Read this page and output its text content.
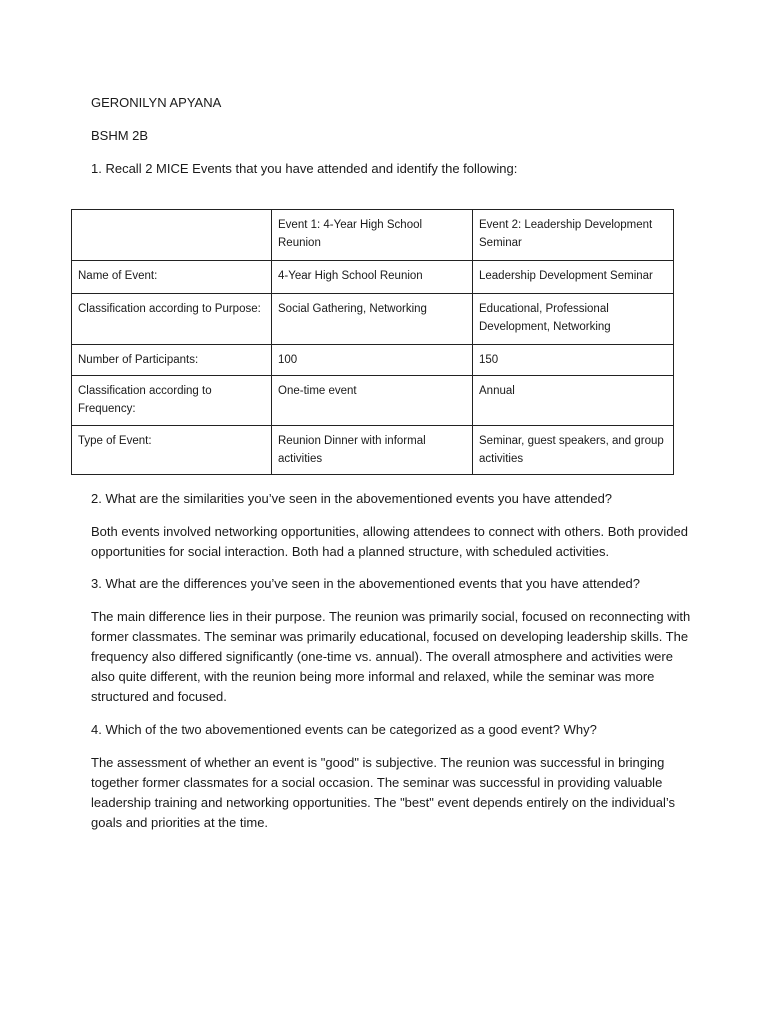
GERONILYN APYANA
BSHM 2B
1. Recall 2 MICE Events that you have attended and identify the following:
	Event 1: 4-Year High School Reunion	Event 2: Leadership Development Seminar
Name of Event:	4-Year High School Reunion	Leadership Development Seminar
Classification according to Purpose:	Social Gathering, Networking	Educational, Professional Development, Networking
Number of Participants:	100	150
Classification according to Frequency:	One-time event	Annual
Type of Event:	Reunion Dinner with informal activities	Seminar, guest speakers, and group activities
2. What are the similarities you’ve seen in the abovementioned events you have attended?

Both events involved networking opportunities, allowing attendees to connect with others. Both provided opportunities for social interaction. Both had a planned structure, with scheduled activities.

3. What are the differences you’ve seen in the abovementioned events that you have attended?

The main difference lies in their purpose. The reunion was primarily social, focused on reconnecting with former classmates. The seminar was primarily educational, focused on developing leadership skills. The frequency also differed significantly (one-time vs. annual). The overall atmosphere and activities were also quite different, with the reunion being more informal and relaxed, while the seminar was more structured and focused.

4. Which of the two abovementioned events can be categorized as a good event? Why?

The assessment of whether an event is "good" is subjective. The reunion was successful in bringing together former classmates for a social occasion. The seminar was successful in providing valuable leadership training and networking opportunities. The "best" event depends entirely on the individual’s goals and priorities at the time.
